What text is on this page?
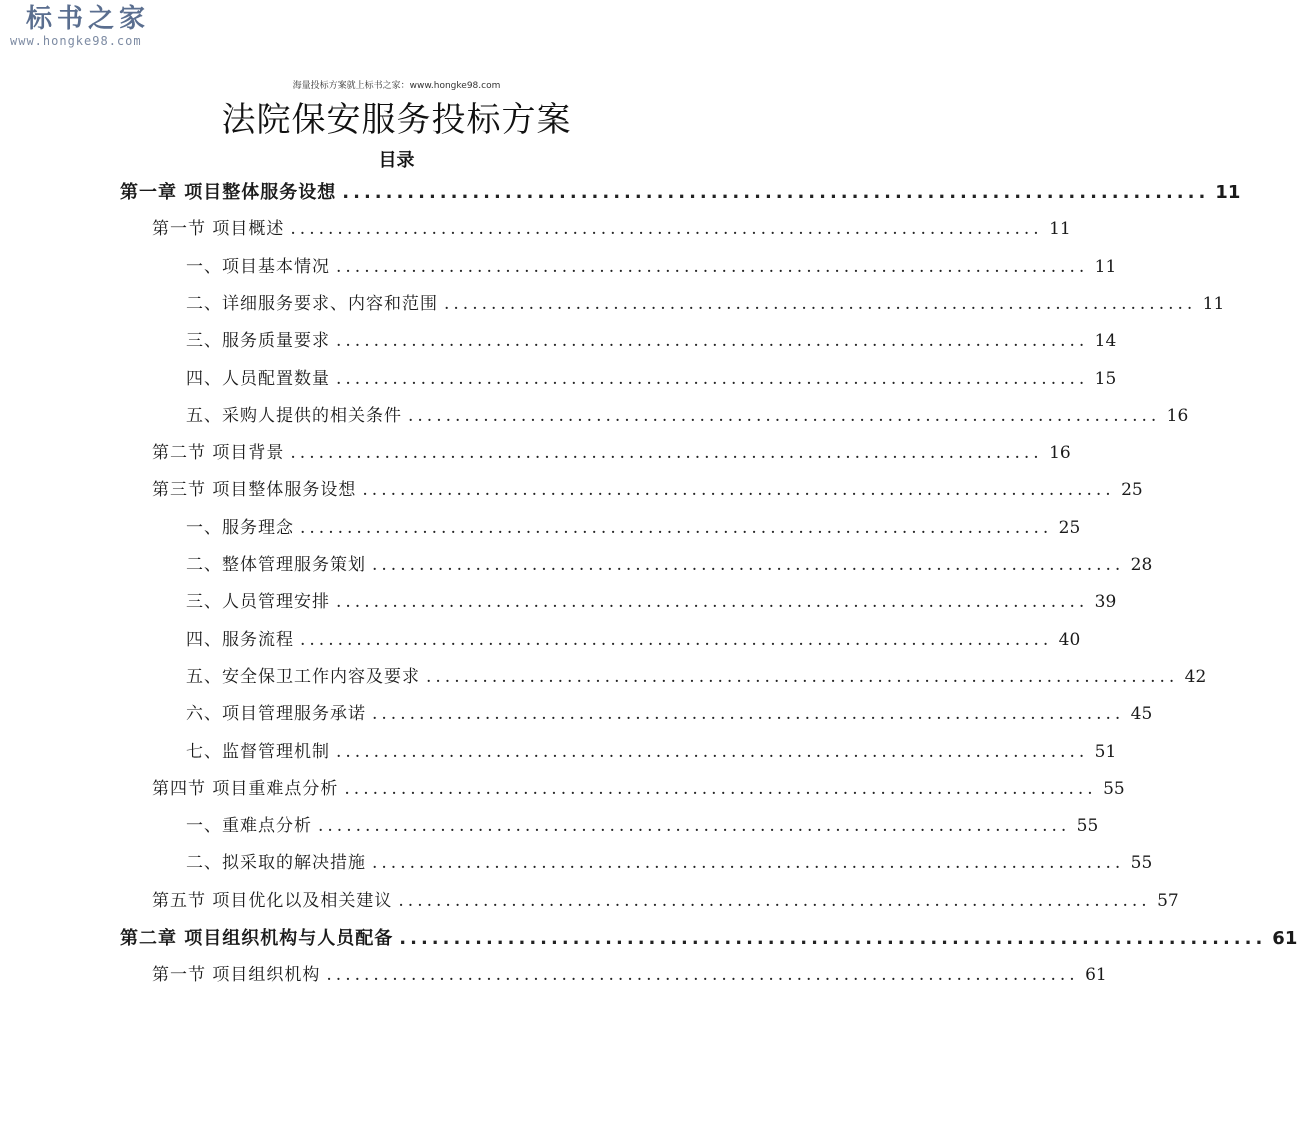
标书之家
www.hongke98.com
海量投标方案就上标书之家：www.hongke98.com
法院保安服务投标方案
目录
第一章 项目整体服务设想 ................................................................................ 11
第一节 项目概述 ................................................................................ 11
一、项目基本情况 ................................................................................ 11
二、详细服务要求、内容和范围 ................................................................................ 11
三、服务质量要求 ................................................................................ 14
四、人员配置数量 ................................................................................ 15
五、采购人提供的相关条件 ................................................................................ 16
第二节 项目背景 ................................................................................ 16
第三节 项目整体服务设想 ................................................................................ 25
一、服务理念 ................................................................................ 25
二、整体管理服务策划 ................................................................................ 28
三、人员管理安排 ................................................................................ 39
四、服务流程 ................................................................................ 40
五、安全保卫工作内容及要求 ................................................................................ 42
六、项目管理服务承诺 ................................................................................ 45
七、监督管理机制 ................................................................................ 51
第四节 项目重难点分析 ................................................................................ 55
一、重难点分析 ................................................................................ 55
二、拟采取的解决措施 ................................................................................ 55
第五节 项目优化以及相关建议 ................................................................................ 57
第二章 项目组织机构与人员配备 ................................................................................ 61
第一节 项目组织机构 ................................................................................ 61
